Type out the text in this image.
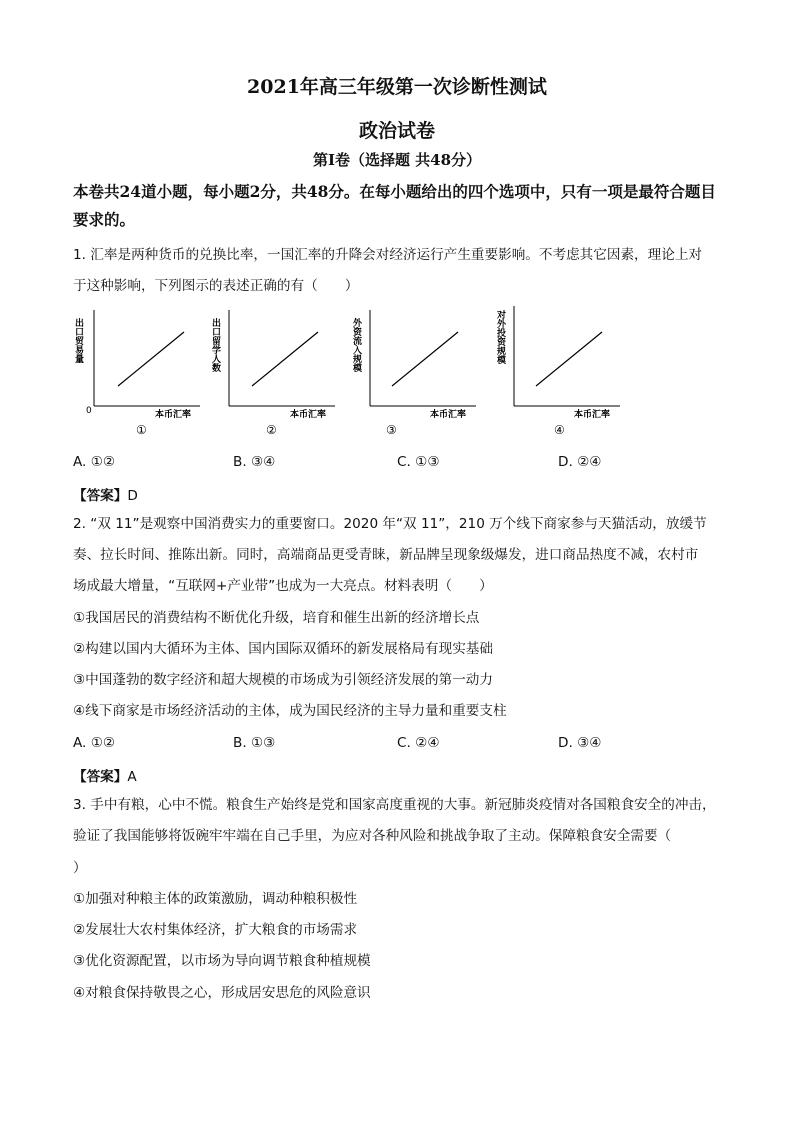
2021年高三年级第一次诊断性测试
政治试卷
第Ⅰ卷（选择题 共48分）
本卷共24道小题，每小题2分，共48分。在每小题给出的四个选项中，只有一项是最符合题目要求的。
1. 汇率是两种货币的兑换比率，一国汇率的升降会对经济运行产生重要影响。不考虑其它因素，理论上对
于这种影响，下列图示的表述正确的有（　　）
出口贸易量
0	本币汇率
①
出口留学人数
本币汇率
②
外资流入规模
本币汇率
③
对外投资规模
本币汇率
④
A. ①②	B. ③④	C. ①③	D. ②④
【答案】D
2. “双 11”是观察中国消费实力的重要窗口。2020 年“双 11”，210 万个线下商家参与天猫活动，放缓节
奏、拉长时间、推陈出新。同时，高端商品更受青睐，新品牌呈现象级爆发，进口商品热度不减，农村市
场成最大增量，“互联网+产业带”也成为一大亮点。材料表明（　　）
①我国居民的消费结构不断优化升级，培育和催生出新的经济增长点
②构建以国内大循环为主体、国内国际双循环的新发展格局有现实基础
③中国蓬勃的数字经济和超大规模的市场成为引领经济发展的第一动力
④线下商家是市场经济活动的主体，成为国民经济的主导力量和重要支柱
A. ①②	B. ①③	C. ②④	D. ③④
【答案】A
3. 手中有粮，心中不慌。粮食生产始终是党和国家高度重视的大事。新冠肺炎疫情对各国粮食安全的冲击，
验证了我国能够将饭碗牢牢端在自己手里，为应对各种风险和挑战争取了主动。保障粮食安全需要（
）
①加强对种粮主体的政策激励，调动种粮积极性
②发展壮大农村集体经济，扩大粮食的市场需求
③优化资源配置，以市场为导向调节粮食种植规模
④对粮食保持敬畏之心，形成居安思危的风险意识
